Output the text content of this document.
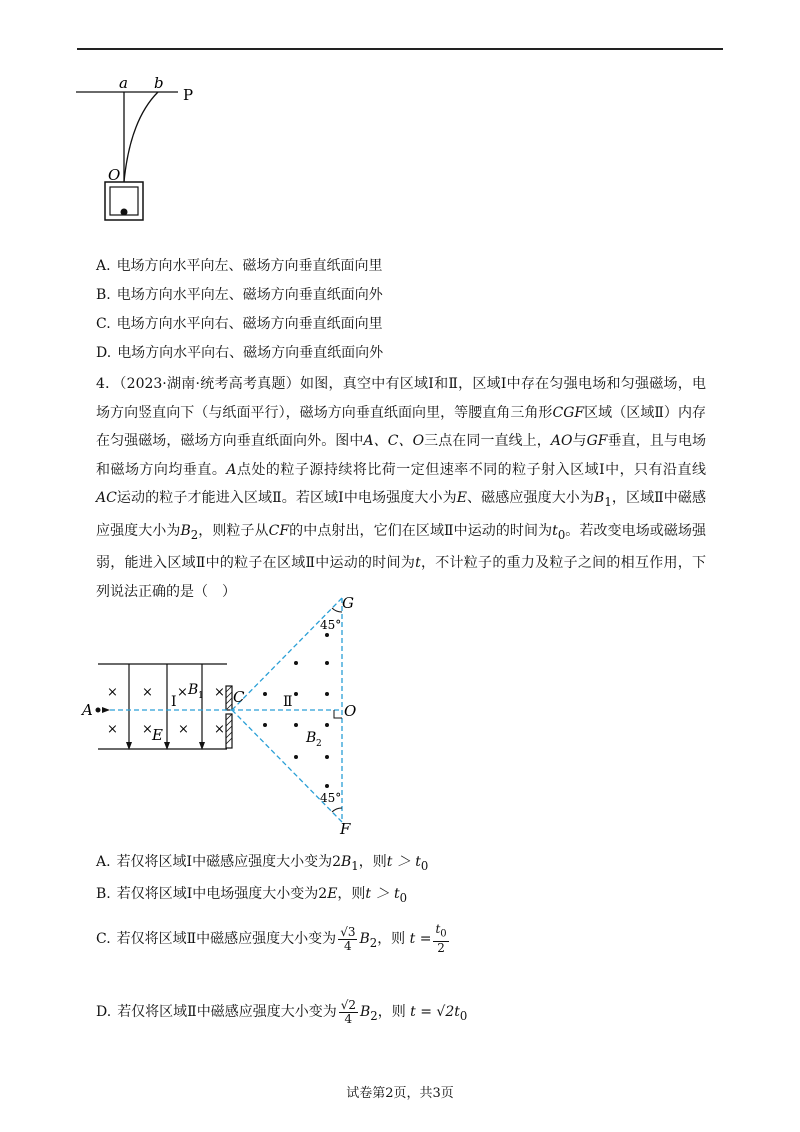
a b
P
O
A. 电场方向水平向左、磁场方向垂直纸面向里
B. 电场方向水平向左、磁场方向垂直纸面向外
C. 电场方向水平向右、磁场方向垂直纸面向里
D. 电场方向水平向右、磁场方向垂直纸面向外
4．（2023·湖南·统考高考真题）如图，真空中有区域Ⅰ和Ⅱ，区域Ⅰ中存在匀强电场和匀强磁场，电场方向竖直向下（与纸面平行），磁场方向垂直纸面向里，等腰直角三角形CGF区域（区域Ⅱ）内存在匀强磁场，磁场方向垂直纸面向外。图中A、C、O三点在同一直线上，AO与GF垂直，且与电场和磁场方向均垂直。A点处的粒子源持续将比荷一定但速率不同的粒子射入区域Ⅰ中，只有沿直线AC运动的粒子才能进入区域Ⅱ。若区域Ⅰ中电场强度大小为E、磁感应强度大小为$B_1$，区域Ⅱ中磁感应强度大小为$B_2$，则粒子从CF的中点射出，它们在区域Ⅱ中运动的时间为$t_0$。若改变电场或磁场强弱，能进入区域Ⅱ中的粒子在区域Ⅱ中运动的时间为t，不计粒子的重力及粒子之间的相互作用，下列说法正确的是（　）
× ×	×
× × × ×
×
G
F
A
C
O
E
B 1
B 2
Ⅰ	Ⅱ
45°
45°
A. 若仅将区域Ⅰ中磁感应强度大小变为$2B_1$，则$t > t_0$
B. 若仅将区域Ⅰ中电场强度大小变为2E，则$t > t_0$
C. 若仅将区域Ⅱ中磁感应强度大小变为 $\frac{√3}{4} B_2$，则 $t = \frac{t_0}{2}$
D. 若仅将区域Ⅱ中磁感应强度大小变为 $\frac{√2}{4} B_2$，则 $t = √2t_0$
试卷第2页，共3页
